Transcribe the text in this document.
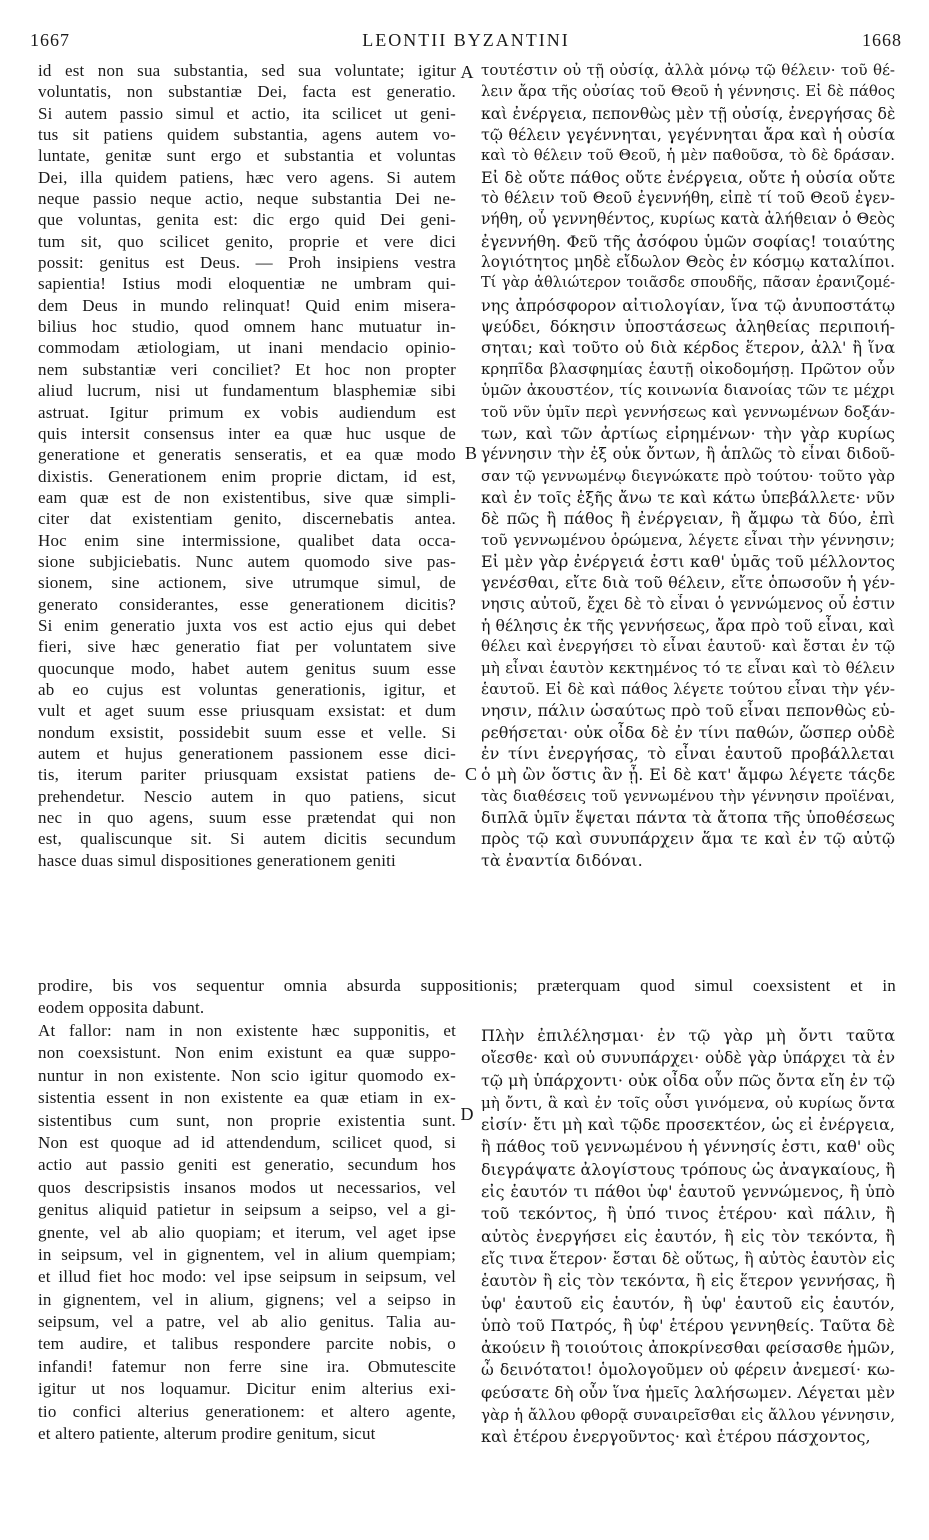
1667	LEONTII BYZANTINI	1668
id est non sua substantia, sed sua voluntate; igitur
voluntatis, non substantiæ Dei, facta est generatio.
Si autem passio simul et actio, ita scilicet ut geni-
tus sit patiens quidem substantia, agens autem vo-
luntate, genitæ sunt ergo et substantia et voluntas
Dei, illa quidem patiens, hæc vero agens. Si autem
neque passio neque actio, neque substantia Dei ne-
que voluntas, genita est: dic ergo quid Dei geni-
tum sit, quo scilicet genito, proprie et vere dici
possit: genitus est Deus. — Proh insipiens vestra
sapientia! Istius modi eloquentiæ ne umbram qui-
dem Deus in mundo relinquat! Quid enim misera-
bilius hoc studio, quod omnem hanc mutuatur in-
commodam ætiologiam, ut inani mendacio opinio-
nem substantiæ veri conciliet? Et hoc non propter
aliud lucrum, nisi ut fundamentum blasphemiæ sibi
astruat. Igitur primum ex vobis audiendum est
quis intersit consensus inter ea quæ huc usque de
generatione et generatis senseratis, et ea quæ modo
dixistis. Generationem enim proprie dictam, id est,
eam quæ est de non existentibus, sive quæ simpli-
citer dat existentiam genito, discernebatis antea.
Hoc enim sine intermissione, qualibet data occa-
sione subjiciebatis. Nunc autem quomodo sive pas-
sionem, sine actionem, sive utrumque simul, de
generato considerantes, esse generationem dicitis?
Si enim generatio juxta vos est actio ejus qui debet
fieri, sive hæc generatio fiat per voluntatem sive
quocunque modo, habet autem genitus suum esse
ab eo cujus est voluntas generationis, igitur, et
vult et aget suum esse priusquam exsistat: et dum
nondum exsistit, possidebit suum esse et velle. Si
autem et hujus generationem passionem esse dici-
tis, iterum pariter priusquam exsistat patiens de-
prehendetur. Nescio autem in quo patiens, sicut
nec in quo agens, suum esse prætendat qui non
est, qualiscunque sit. Si autem dicitis secundum
hasce duas simul dispositiones generationem geniti
τουτέστιν οὐ τῇ οὐσίᾳ, ἀλλὰ μόνῳ τῷ θέλειν· τοῦ θέ-
λειν ἄρα τῆς οὐσίας τοῦ Θεοῦ ἡ γέννησις. Εἰ δὲ πάθος
καὶ ἐνέργεια, πεπονθὼς μὲν τῇ οὐσίᾳ, ἐνεργήσας δὲ
τῷ θέλειν γεγέννηται, γεγέννηται ἄρα καὶ ἡ οὐσία
καὶ τὸ θέλειν τοῦ Θεοῦ, ἡ μὲν παθοῦσα, τὸ δὲ δράσαν.
Εἰ δὲ οὔτε πάθος οὔτε ἐνέργεια, οὔτε ἡ οὐσία οὔτε
τὸ θέλειν τοῦ Θεοῦ ἐγεννήθη, εἰπὲ τί τοῦ Θεοῦ ἐγεν-
νήθη, οὗ γεννηθέντος, κυρίως κατὰ ἀλήθειαν ὁ Θεὸς
ἐγεννήθη. Φεῦ τῆς ἀσόφου ὑμῶν σοφίας! τοιαύτης
λογιότητος μηδὲ εἴδωλον Θεὸς ἐν κόσμῳ καταλίποι.
Τί γὰρ ἀθλιώτερον τοιᾶσδε σπουδῆς, πᾶσαν ἐρανιζομέ-
νης ἀπρόσφορον αἰτιολογίαν, ἵνα τῷ ἀνυποστάτῳ
ψεύδει, δόκησιν ὑποστάσεως ἀληθείας περιποιή-
σηται; καὶ τοῦτο οὐ διὰ κέρδος ἕτερον, ἀλλ' ἢ ἵνα
κρηπῖδα βλασφημίας ἑαυτῇ οἰκοδομήσῃ. Πρῶτον οὖν
ὑμῶν ἀκουστέον, τίς κοινωνία διανοίας τῶν τε μέχρι
τοῦ νῦν ὑμῖν περὶ γεννήσεως καὶ γεννωμένων δοξάν-
των, καὶ τῶν ἀρτίως εἰρημένων· τὴν γὰρ κυρίως
γέννησιν τὴν ἐξ οὐκ ὄντων, ἢ ἁπλῶς τὸ εἶναι διδοῦ-
σαν τῷ γεννωμένῳ διεγνώκατε πρὸ τούτου· τοῦτο γὰρ
καὶ ἐν τοῖς ἑξῆς ἄνω τε καὶ κάτω ὑπεβάλλετε· νῦν
δὲ πῶς ἢ πάθος ἢ ἐνέργειαν, ἢ ἄμφω τὰ δύο, ἐπὶ
τοῦ γεννωμένου ὁρώμενα, λέγετε εἶναι τὴν γέννησιν;
Εἰ μὲν γὰρ ἐνέργειά ἐστι καθ' ὑμᾶς τοῦ μέλλοντος
γενέσθαι, εἴτε διὰ τοῦ θέλειν, εἴτε ὁπωσοῦν ἡ γέν-
νησις αὐτοῦ, ἔχει δὲ τὸ εἶναι ὁ γεννώμενος οὗ ἐστιν
ἡ θέλησις ἐκ τῆς γεννήσεως, ἄρα πρὸ τοῦ εἶναι, καὶ
θέλει καὶ ἐνεργήσει τὸ εἶναι ἑαυτοῦ· καὶ ἔσται ἐν τῷ
μὴ εἶναι ἑαυτὸν κεκτημένος τό τε εἶναι καὶ τὸ θέλειν
ἑαυτοῦ. Εἰ δὲ καὶ πάθος λέγετε τούτου εἶναι τὴν γέν-
νησιν, πάλιν ὡσαύτως πρὸ τοῦ εἶναι πεπονθὼς εὑ-
ρεθήσεται· οὐκ οἶδα δὲ ἐν τίνι παθών, ὥσπερ οὐδὲ
ἐν τίνι ἐνεργήσας, τὸ εἶναι ἑαυτοῦ προβάλλεται
ὁ μὴ ὢν ὅστις ἂν ᾖ. Εἰ δὲ κατ' ἄμφω λέγετε τάςδε
τὰς διαθέσεις τοῦ γεννωμένου τὴν γέννησιν προϊέναι,
διπλᾶ ὑμῖν ἕψεται πάντα τὰ ἄτοπα τῆς ὑποθέσεως
πρὸς τῷ καὶ συνυπάρχειν ἅμα τε καὶ ἐν τῷ αὐτῷ
τὰ ἐναντία διδόναι.
prodire, bis vos sequentur omnia absurda suppositionis; præterquam quod simul coexsistent et in
eodem opposita dabunt.
At fallor: nam in non existente hæc supponitis, et
non coexsistunt. Non enim existunt ea quæ suppo-
nuntur in non existente. Non scio igitur quomodo ex-
sistentia essent in non existente ea quæ etiam in ex-
sistentibus cum sunt, non proprie existentia sunt.
Non est quoque ad id attendendum, scilicet quod, si
actio aut passio geniti est generatio, secundum hos
quos descripsistis insanos modos ut necessarios, vel
genitus aliquid patietur in seipsum a seipso, vel a gi-
gnente, vel ab alio quopiam; et iterum, vel aget ipse
in seipsum, vel in gignentem, vel in alium quempiam;
et illud fiet hoc modo: vel ipse seipsum in seipsum, vel
in gignentem, vel in alium, gignens; vel a seipso in
seipsum, vel a patre, vel ab alio genitus. Talia au-
tem audire, et talibus respondere parcite nobis, o
infandi! fatemur non ferre sine ira. Obmutescite
igitur ut nos loquamur. Dicitur enim alterius exi-
tio confici alterius generationem: et altero agente,
et altero patiente, alterum prodire genitum, sicut
Πλὴν ἐπιλέλησμαι· ἐν τῷ γὰρ μὴ ὄντι ταῦτα
οἴεσθε· καὶ οὐ συνυπάρχει· οὐδὲ γὰρ ὑπάρχει τὰ ἐν
τῷ μὴ ὑπάρχοντι· οὐκ οἶδα οὖν πῶς ὄντα εἴη ἐν τῷ
μὴ ὄντι, ἃ καὶ ἐν τοῖς οὖσι γινόμενα, οὐ κυρίως ὄντα
εἰσίν· ἔτι μὴ καὶ τῷδε προσεκτέον, ὡς εἰ ἐνέργεια,
ἢ πάθος τοῦ γεννωμένου ἡ γέννησίς ἐστι, καθ' οὓς
διεγράψατε ἀλογίστους τρόπους ὡς ἀναγκαίους, ἢ
εἰς ἑαυτόν τι πάθοι ὑφ' ἑαυτοῦ γεννώμενος, ἢ ὑπὸ
τοῦ τεκόντος, ἢ ὑπό τινος ἑτέρου· καὶ πάλιν, ἢ
αὐτὸς ἐνεργήσει εἰς ἑαυτόν, ἢ εἰς τὸν τεκόντα, ἢ
εἴς τινα ἕτερον· ἔσται δὲ οὕτως, ἢ αὐτὸς ἑαυτὸν εἰς
ἑαυτὸν ἢ εἰς τὸν τεκόντα, ἢ εἰς ἕτερον γεννήσας, ἢ
ὑφ' ἑαυτοῦ εἰς ἑαυτόν, ἢ ὑφ' ἑαυτοῦ εἰς ἑαυτόν,
ὑπὸ τοῦ Πατρός, ἢ ὑφ' ἑτέρου γεννηθείς. Ταῦτα δὲ
ἀκούειν ἢ τοιούτοις ἀποκρίνεσθαι φείσασθε ἡμῶν,
ὦ δεινότατοι! ὁμολογοῦμεν οὐ φέρειν ἀνεμεσί· κω-
φεύσατε δὴ οὖν ἵνα ἡμεῖς λαλήσωμεν. Λέγεται μὲν
γὰρ ἡ ἄλλου φθορᾷ συναιρεῖσθαι εἰς ἄλλου γέννησιν,
καὶ ἑτέρου ἐνεργοῦντος· καὶ ἑτέρου πάσχοντος,
A
B
C
D
